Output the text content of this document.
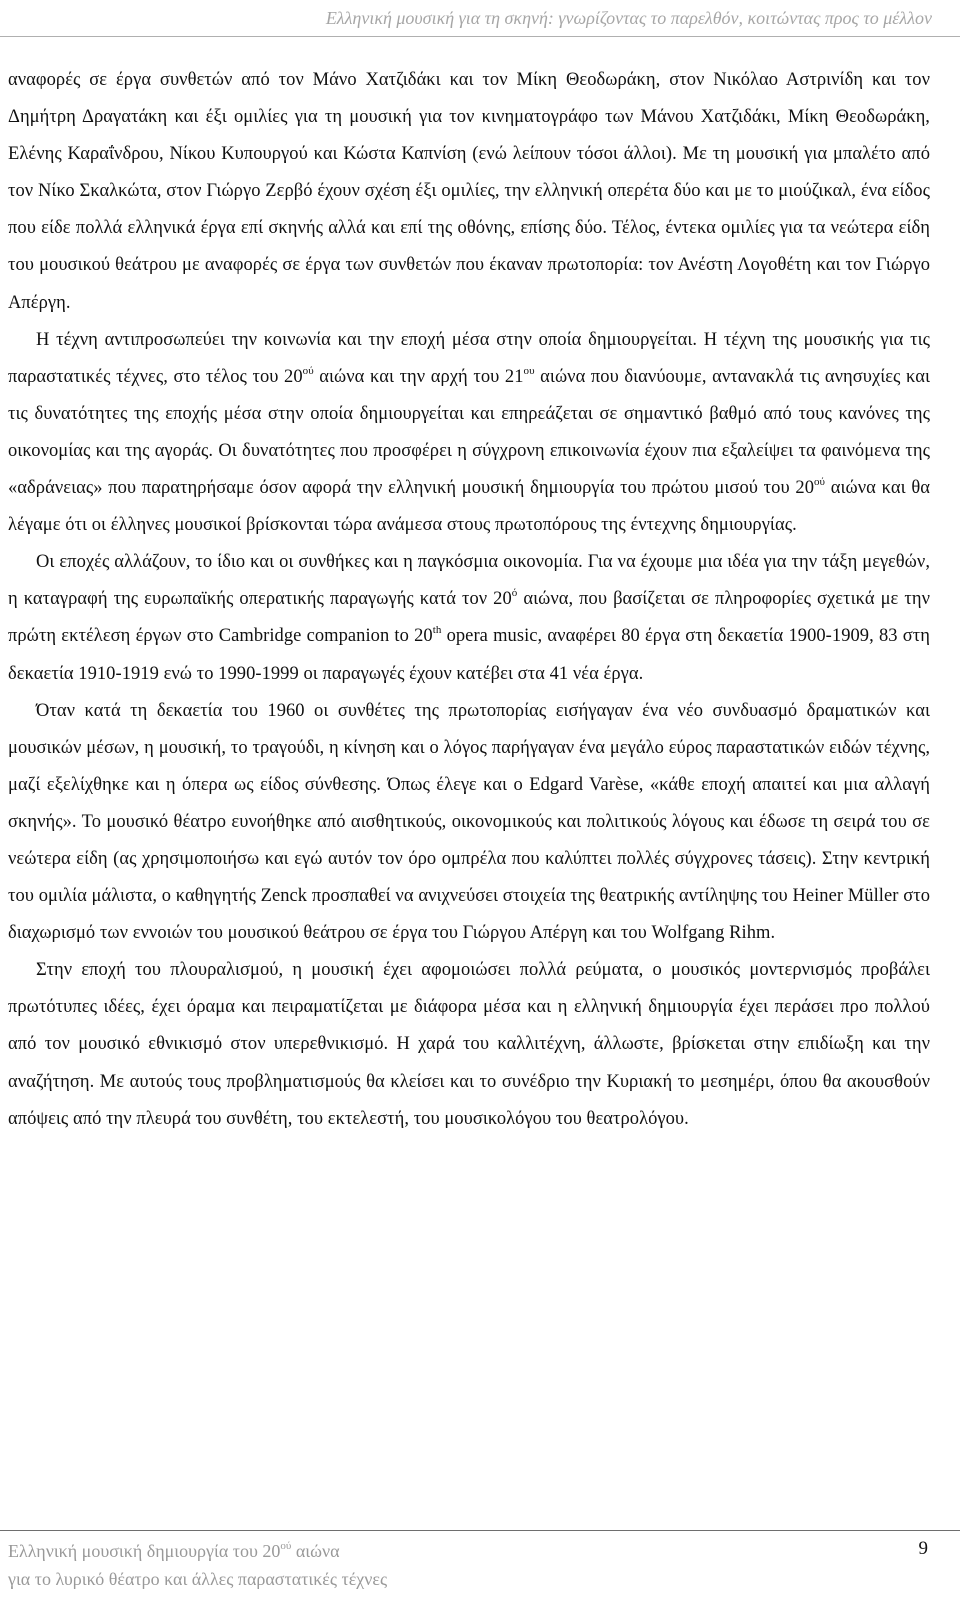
Ελληνική μουσική για τη σκηνή: γνωρίζοντας το παρελθόν, κοιτώντας προς το μέλλον

αναφορές σε έργα συνθετών από τον Μάνο Χατζιδάκι και τον Μίκη Θεοδωράκη, στον Νικόλαο Αστρινίδη και τον Δημήτρη Δραγατάκη και έξι ομιλίες για τη μουσική για τον κινηματογράφο των Μάνου Χατζιδάκι, Μίκη Θεοδωράκη, Ελένης Καραΐνδρου, Νίκου Κυπουργού και Κώστα Καπνίση (ενώ λείπουν τόσοι άλλοι). Με τη μουσική για μπαλέτο από τον Νίκο Σκαλκώτα, στον Γιώργο Ζερβό έχουν σχέση έξι ομιλίες, την ελληνική οπερέτα δύο και με το μιούζικαλ, ένα είδος που είδε πολλά ελληνικά έργα επί σκηνής αλλά και επί της οθόνης, επίσης δύο. Τέλος, έντεκα ομιλίες για τα νεώτερα είδη του μουσικού θεάτρου με αναφορές σε έργα των συνθετών που έκαναν πρωτοπορία: τον Ανέστη Λογοθέτη και τον Γιώργο Απέργη.

Η τέχνη αντιπροσωπεύει την κοινωνία και την εποχή μέσα στην οποία δημιουργείται. Η τέχνη της μουσικής για τις παραστατικές τέχνες, στο τέλος του $20^{oύ}$ αιώνα και την αρχή του $21^{o\upsilon}$ αιώνα που διανύουμε, αντανακλά τις ανησυχίες και τις δυνατότητες της εποχής μέσα στην οποία δημιουργείται και επηρεάζεται σε σημαντικό βαθμό από τους κανόνες της οικονομίας και της αγοράς. Οι δυνατότητες που προσφέρει η σύγχρονη επικοινωνία έχουν πια εξαλείψει τα φαινόμενα της «αδράνειας» που παρατηρήσαμε όσον αφορά την ελληνική μουσική δημιουργία του πρώτου μισού του $20^{oύ}$ αιώνα και θα λέγαμε ότι οι έλληνες μουσικοί βρίσκονται τώρα ανάμεσα στους πρωτοπόρους της έντεχνης δημιουργίας.

Οι εποχές αλλάζουν, το ίδιο και οι συνθήκες και η παγκόσμια οικονομία. Για να έχουμε μια ιδέα για την τάξη μεγεθών, η καταγραφή της ευρωπαϊκής οπερατικής παραγωγής κατά τον $20^ό$ αιώνα, που βασίζεται σε πληροφορίες σχετικά με την πρώτη εκτέλεση έργων στο Cambridge companion to 20th opera music, αναφέρει 80 έργα στη δεκαετία 1900-1909, 83 στη δεκαετία 1910-1919 ενώ το 1990-1999 οι παραγωγές έχουν κατέβει στα 41 νέα έργα.

Όταν κατά τη δεκαετία του 1960 οι συνθέτες της πρωτοπορίας εισήγαγαν ένα νέο συνδυασμό δραματικών και μουσικών μέσων, η μουσική, το τραγούδι, η κίνηση και ο λόγος παρήγαγαν ένα μεγάλο εύρος παραστατικών ειδών τέχνης, μαζί εξελίχθηκε και η όπερα ως είδος σύνθεσης. Όπως έλεγε και ο Edgard Varèse, «κάθε εποχή απαιτεί και μια αλλαγή σκηνής». Το μουσικό θέατρο ευνοήθηκε από αισθητικούς, οικονομικούς και πολιτικούς λόγους και έδωσε τη σειρά του σε νεώτερα είδη (ας χρησιμοποιήσω και εγώ αυτόν τον όρο ομπρέλα που καλύπτει πολλές σύγχρονες τάσεις). Στην κεντρική του ομιλία μάλιστα, ο καθηγητής Zenck προσπαθεί να ανιχνεύσει στοιχεία της θεατρικής αντίληψης του Heiner Müller στο διαχωρισμό των εννοιών του μουσικού θεάτρου σε έργα του Γιώργου Απέργη και του Wolfgang Rihm.

Στην εποχή του πλουραλισμού, η μουσική έχει αφομοιώσει πολλά ρεύματα, ο μουσικός μοντερνισμός προβάλει πρωτότυπες ιδέες, έχει όραμα και πειραματίζεται με διάφορα μέσα και η ελληνική δημιουργία έχει περάσει προ πολλού από τον μουσικό εθνικισμό στον υπερεθνικισμό. Η χαρά του καλλιτέχνη, άλλωστε, βρίσκεται στην επιδίωξη και την αναζήτηση. Με αυτούς τους προβληματισμούς θα κλείσει και το συνέδριο την Κυριακή το μεσημέρι, όπου θα ακουσθούν απόψεις από την πλευρά του συνθέτη, του εκτελεστή, του μουσικολόγου του θεατρολόγου.

Ελληνική μουσική δημιουργία του $20^{oύ}$ αιώνα
για το λυρικό θέατρο και άλλες παραστατικές τέχνες
9
